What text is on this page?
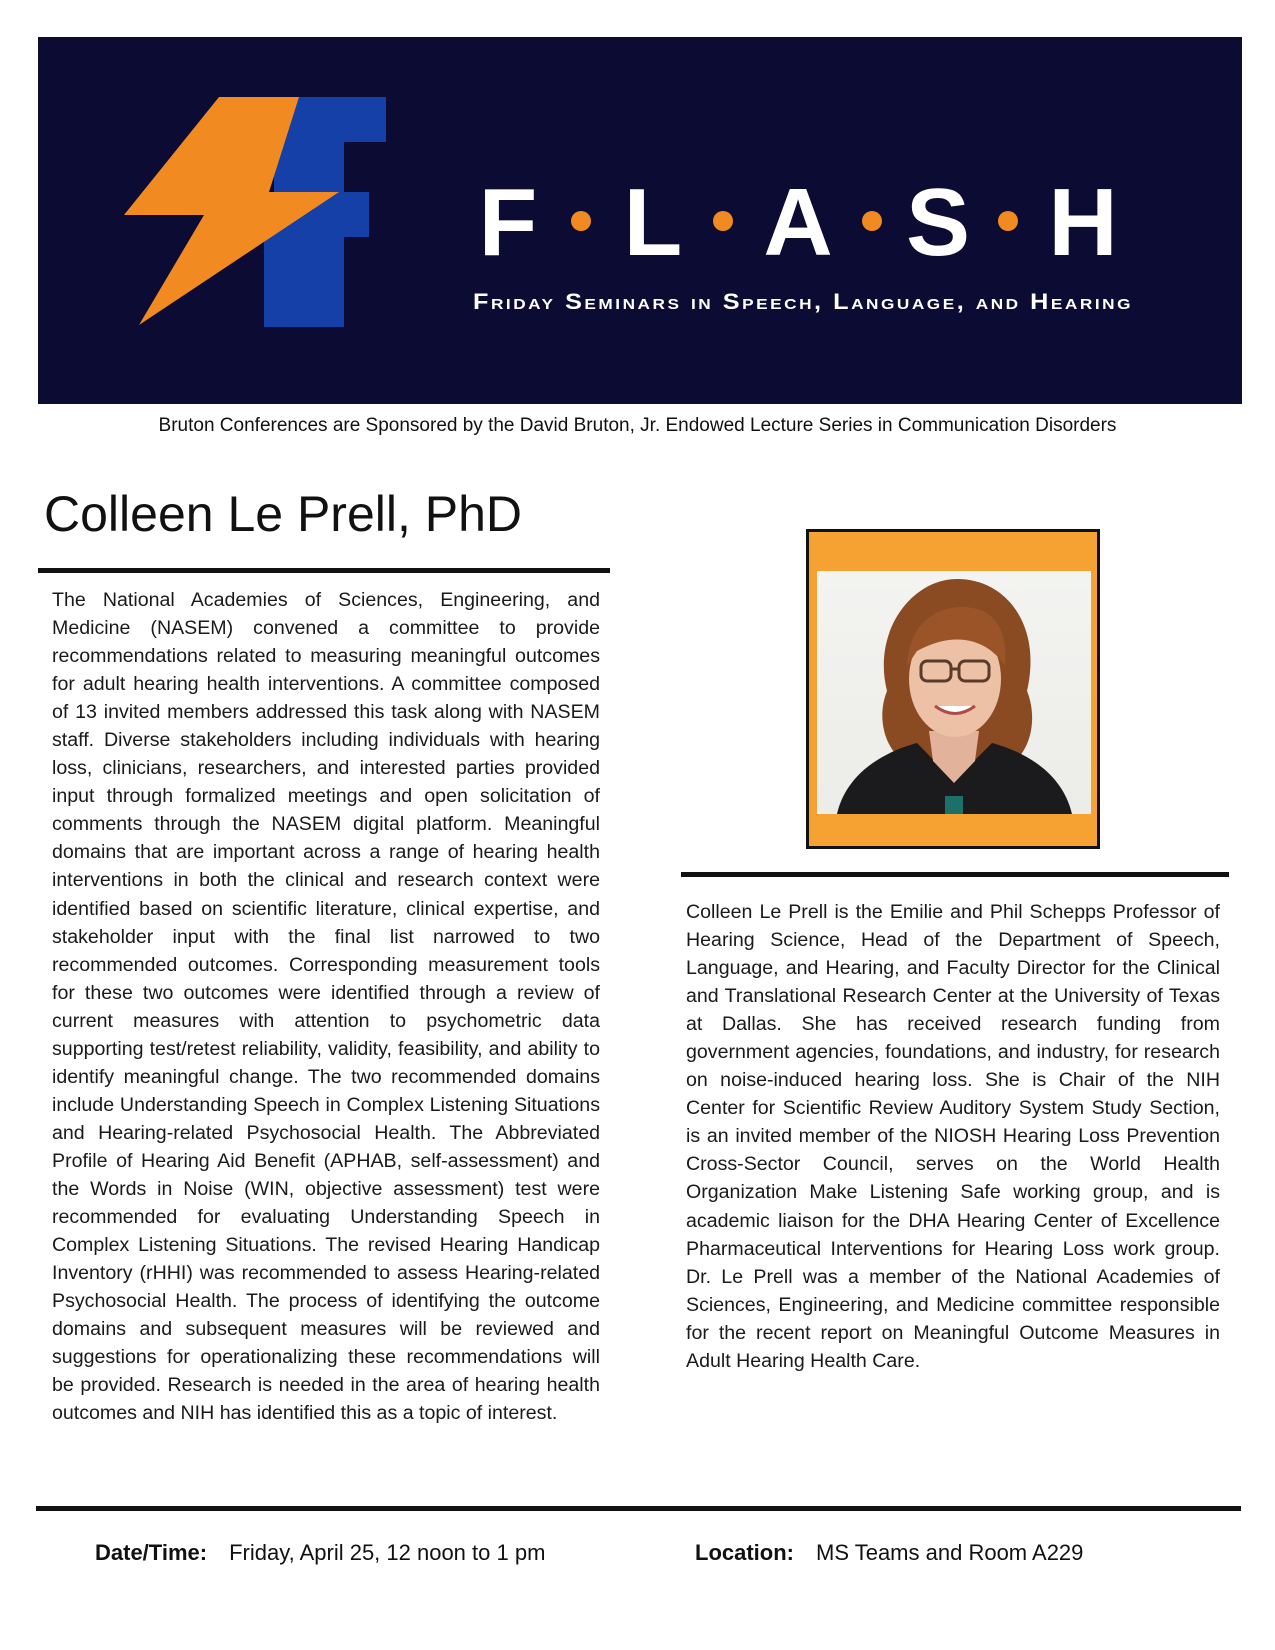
F L A S H
Friday Seminars in Speech, Language, and Hearing
Bruton Conferences are Sponsored by the David Bruton, Jr. Endowed Lecture Series in Communication Disorders
Colleen Le Prell, PhD

The National Academies of Sciences, Engineering, and Medicine (NASEM) convened a committee to provide recommendations related to measuring meaningful outcomes for adult hearing health interventions. A committee composed of 13 invited members addressed this task along with NASEM staff. Diverse stakeholders including individuals with hearing loss, clinicians, researchers, and interested parties provided input through formalized meetings and open solicitation of comments through the NASEM digital platform. Meaningful domains that are important across a range of hearing health interventions in both the clinical and research context were identified based on scientific literature, clinical expertise, and stakeholder input with the final list narrowed to two recommended outcomes. Corresponding measurement tools for these two outcomes were identified through a review of current measures with attention to psychometric data supporting test/retest reliability, validity, feasibility, and ability to identify meaningful change. The two recommended domains include Understanding Speech in Complex Listening Situations and Hearing-related Psychosocial Health. The Abbreviated Profile of Hearing Aid Benefit (APHAB, self-assessment) and the Words in Noise (WIN, objective assessment) test were recommended for evaluating Understanding Speech in Complex Listening Situations. The revised Hearing Handicap Inventory (rHHI) was recommended to assess Hearing-related Psychosocial Health. The process of identifying the outcome domains and subsequent measures will be reviewed and suggestions for operationalizing these recommendations will be provided. Research is needed in the area of hearing health outcomes and NIH has identified this as a topic of interest.

Colleen Le Prell is the Emilie and Phil Schepps Professor of Hearing Science, Head of the Department of Speech, Language, and Hearing, and Faculty Director for the Clinical and Translational Research Center at the University of Texas at Dallas. She has received research funding from government agencies, foundations, and industry, for research on noise-induced hearing loss. She is Chair of the NIH Center for Scientific Review Auditory System Study Section, is an invited member of the NIOSH Hearing Loss Prevention Cross-Sector Council, serves on the World Health Organization Make Listening Safe working group, and is academic liaison for the DHA Hearing Center of Excellence Pharmaceutical Interventions for Hearing Loss work group. Dr. Le Prell was a member of the National Academies of Sciences, Engineering, and Medicine committee responsible for the recent report on Meaningful Outcome Measures in Adult Hearing Health Care.

Date/Time: Friday, April 25, 12 noon to 1 pm	Location: MS Teams and Room A229
